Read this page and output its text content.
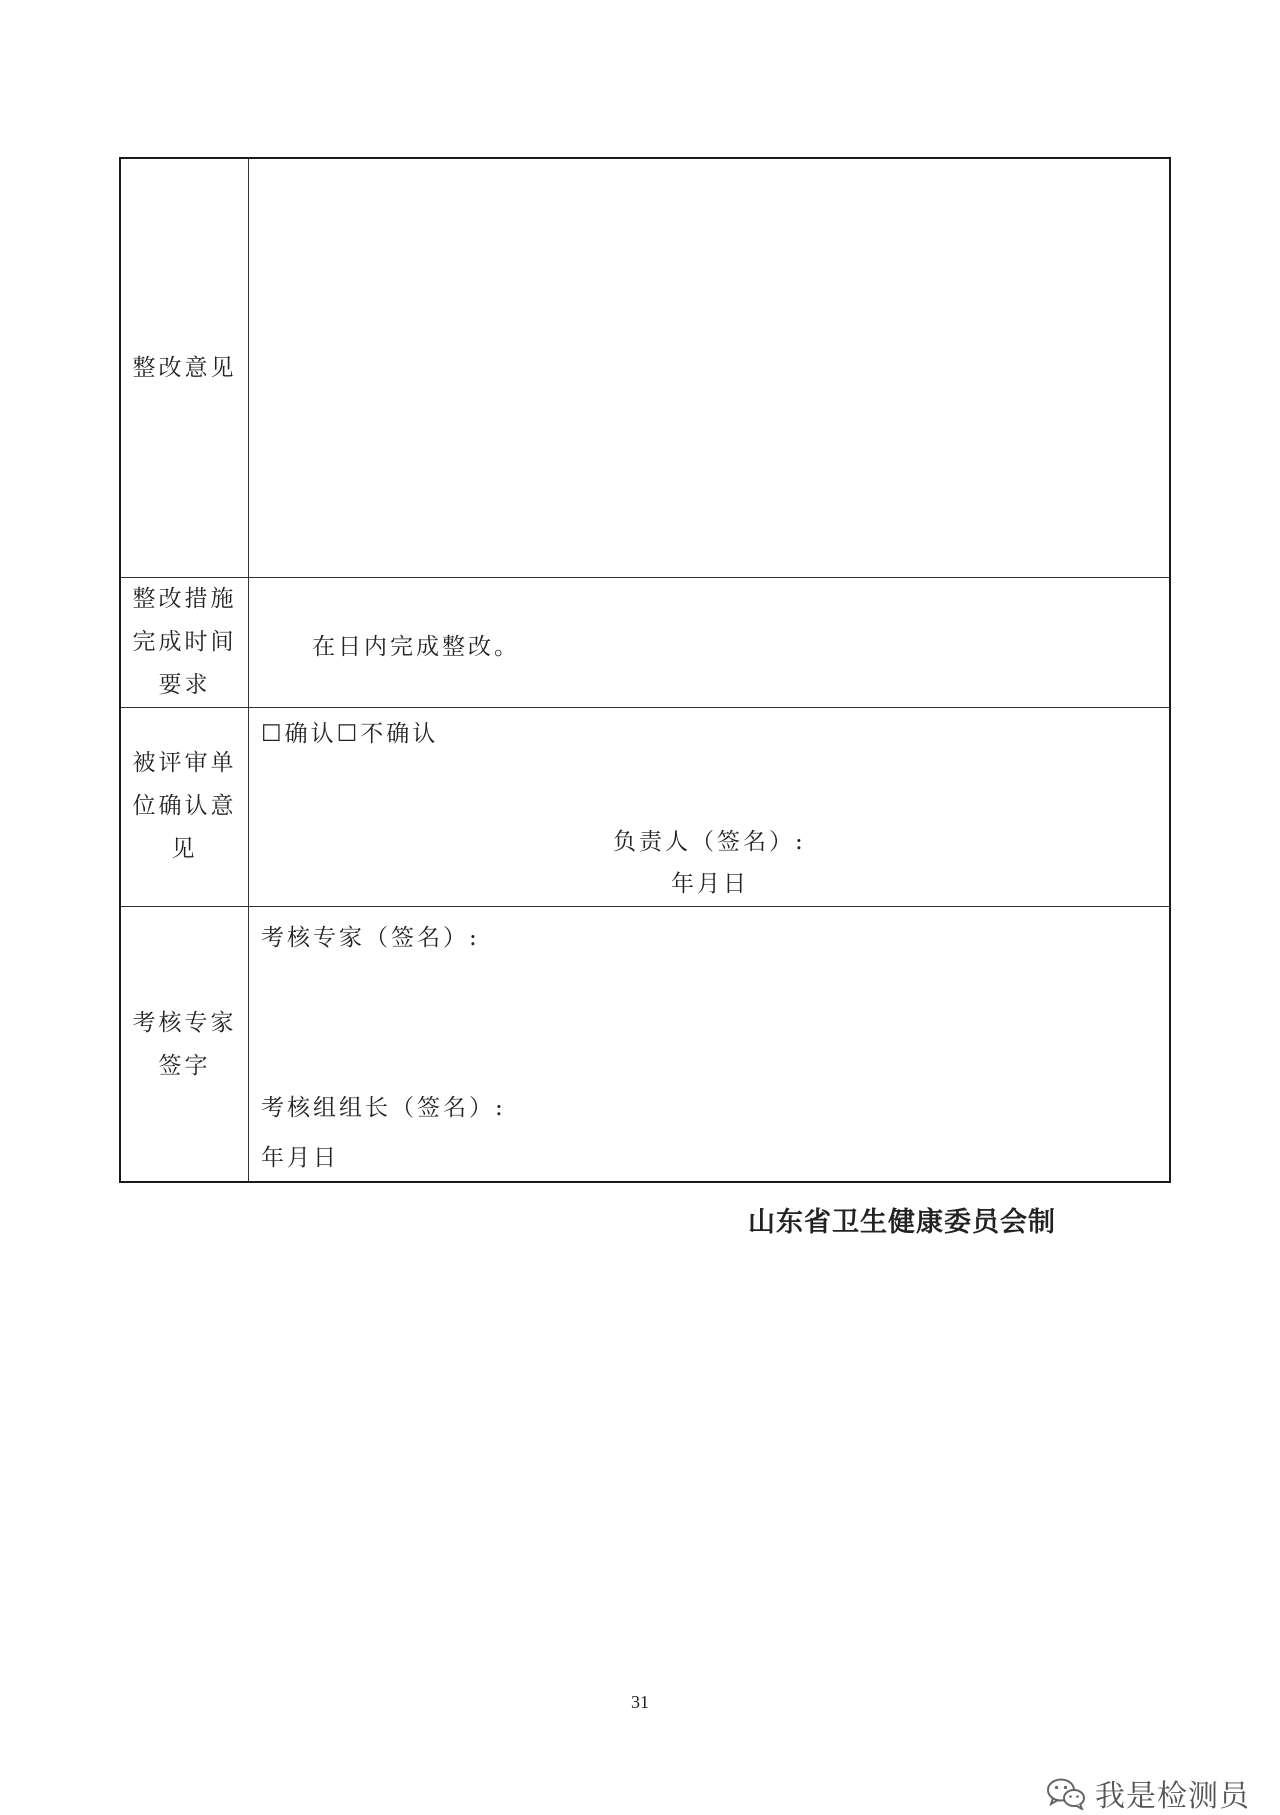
整改意见
整改措施完成时间要求
在日内完成整改。
被评审单位确认意见
☐确认☐不确认
负责人（签名）:
年月日
考核专家签字
考核专家（签名）:
考核组组长（签名）:
年月日
山东省卫生健康委员会制
31
我是检测员
